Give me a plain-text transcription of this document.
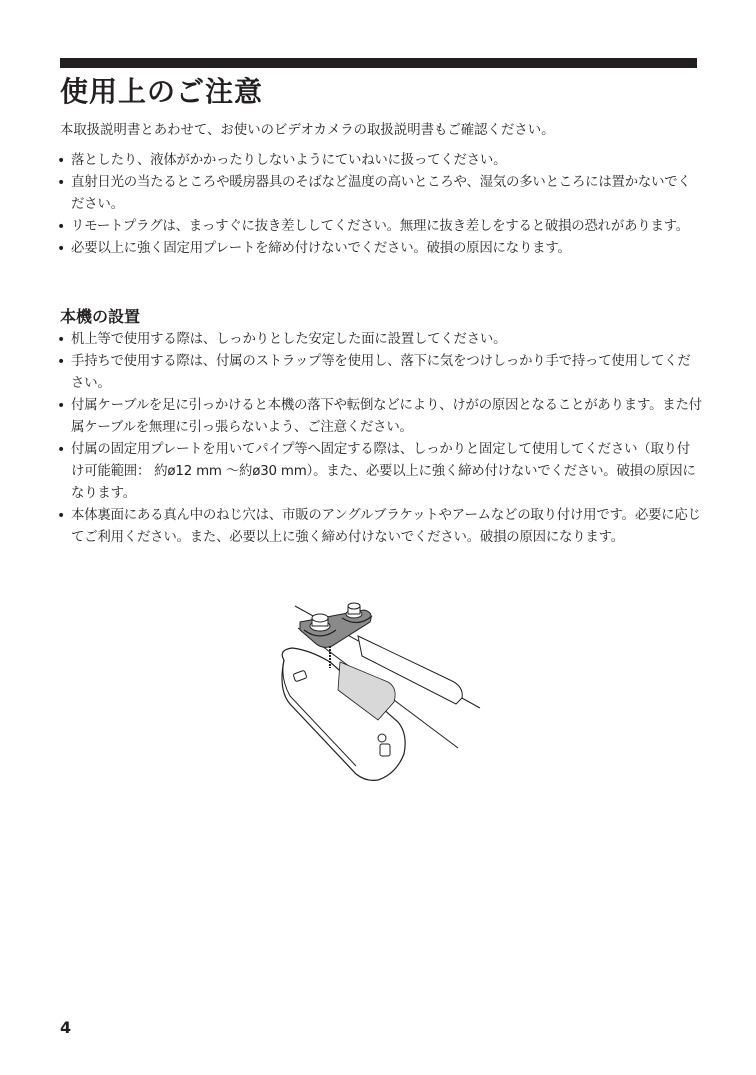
使用上のご注意

本取扱説明書とあわせて、お使いのビデオカメラの取扱説明書もご確認ください。

• 落としたり、液体がかかったりしないようにていねいに扱ってください。
• 直射日光の当たるところや暖房器具のそばなど温度の高いところや、湿気の多いところには置かないでください。
• リモートプラグは、まっすぐに抜き差ししてください。無理に抜き差しをすると破損の恐れがあります。
• 必要以上に強く固定用プレートを締め付けないでください。破損の原因になります。
本機の設置
• 机上等で使用する際は、しっかりとした安定した面に設置してください。
• 手持ちで使用する際は、付属のストラップ等を使用し、落下に気をつけしっかり手で持って使用してください。
• 付属ケーブルを足に引っかけると本機の落下や転倒などにより、けがの原因となることがあります。また付属ケーブルを無理に引っ張らないよう、ご注意ください。
• 付属の固定用プレートを用いてパイプ等へ固定する際は、しっかりと固定して使用してください（取り付け可能範囲： 約ø12 mm ～約ø30 mm）。また、必要以上に強く締め付けないでください。破損の原因になります。
• 本体裏面にある真ん中のねじ穴は、市販のアングルブラケットやアームなどの取り付け用です。必要に応じてご利用ください。また、必要以上に強く締め付けないでください。破損の原因になります。

4
